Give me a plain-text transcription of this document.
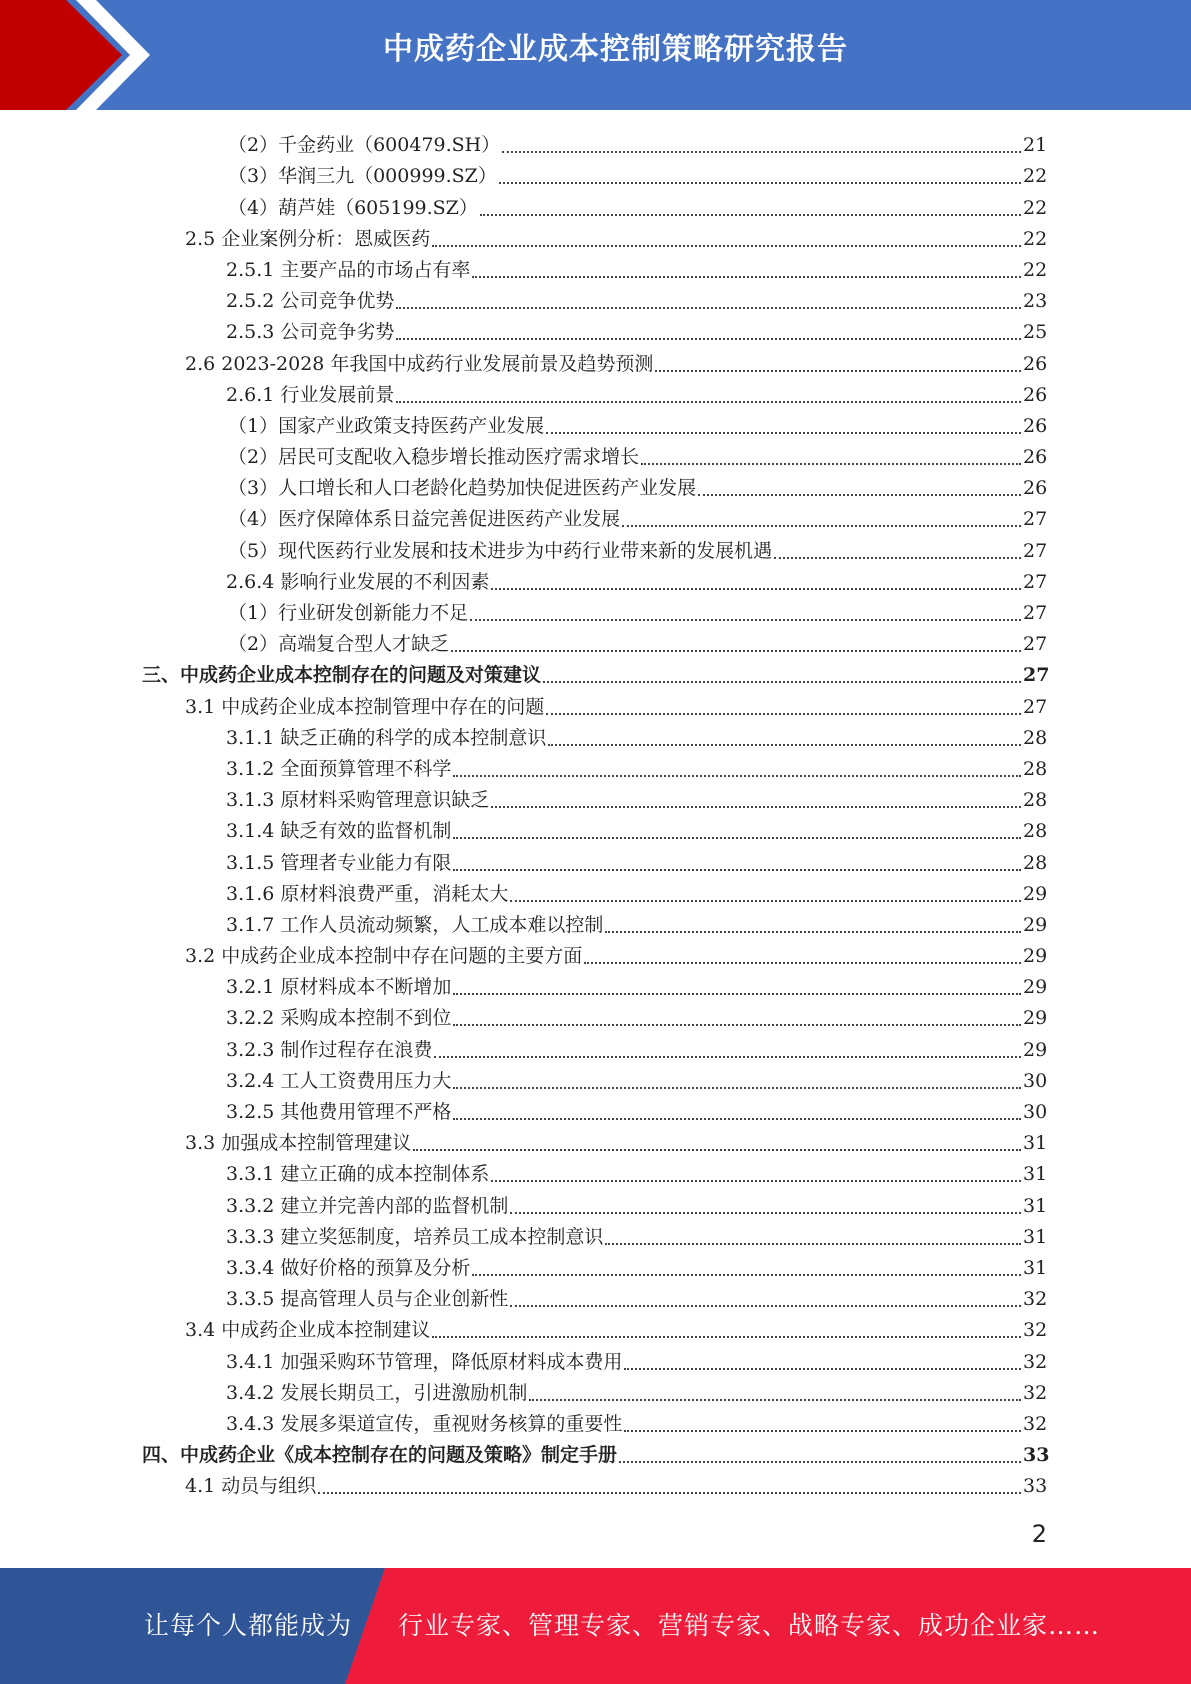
中成药企业成本控制策略研究报告
（2）千金药业（600479.SH）	21
（3）华润三九（000999.SZ）	22
（4）葫芦娃（605199.SZ）	22
2.5 企业案例分析：恩威医药	22
2.5.1 主要产品的市场占有率	22
2.5.2 公司竞争优势	23
2.5.3 公司竞争劣势	25
2.6 2023-2028 年我国中成药行业发展前景及趋势预测	26
2.6.1 行业发展前景	26
（1）国家产业政策支持医药产业发展	26
（2）居民可支配收入稳步增长推动医疗需求增长	26
（3）人口增长和人口老龄化趋势加快促进医药产业发展	26
（4）医疗保障体系日益完善促进医药产业发展	27
（5）现代医药行业发展和技术进步为中药行业带来新的发展机遇	27
2.6.4 影响行业发展的不利因素	27
（1）行业研发创新能力不足	27
（2）高端复合型人才缺乏	27
三、中成药企业成本控制存在的问题及对策建议	27
3.1 中成药企业成本控制管理中存在的问题	27
3.1.1 缺乏正确的科学的成本控制意识	28
3.1.2 全面预算管理不科学	28
3.1.3 原材料采购管理意识缺乏	28
3.1.4 缺乏有效的监督机制	28
3.1.5 管理者专业能力有限	28
3.1.6 原材料浪费严重，消耗太大	29
3.1.7 工作人员流动频繁，人工成本难以控制	29
3.2 中成药企业成本控制中存在问题的主要方面	29
3.2.1 原材料成本不断增加	29
3.2.2 采购成本控制不到位	29
3.2.3 制作过程存在浪费	29
3.2.4 工人工资费用压力大	30
3.2.5 其他费用管理不严格	30
3.3 加强成本控制管理建议	31
3.3.1 建立正确的成本控制体系	31
3.3.2 建立并完善内部的监督机制	31
3.3.3 建立奖惩制度，培养员工成本控制意识	31
3.3.4 做好价格的预算及分析	31
3.3.5 提高管理人员与企业创新性	32
3.4 中成药企业成本控制建议	32
3.4.1 加强采购环节管理，降低原材料成本费用	32
3.4.2 发展长期员工，引进激励机制	32
3.4.3 发展多渠道宣传，重视财务核算的重要性	32
四、中成药企业《成本控制存在的问题及策略》制定手册	33
4.1 动员与组织	33
2
让每个人都能成为 行业专家、管理专家、营销专家、战略专家、成功企业家……
